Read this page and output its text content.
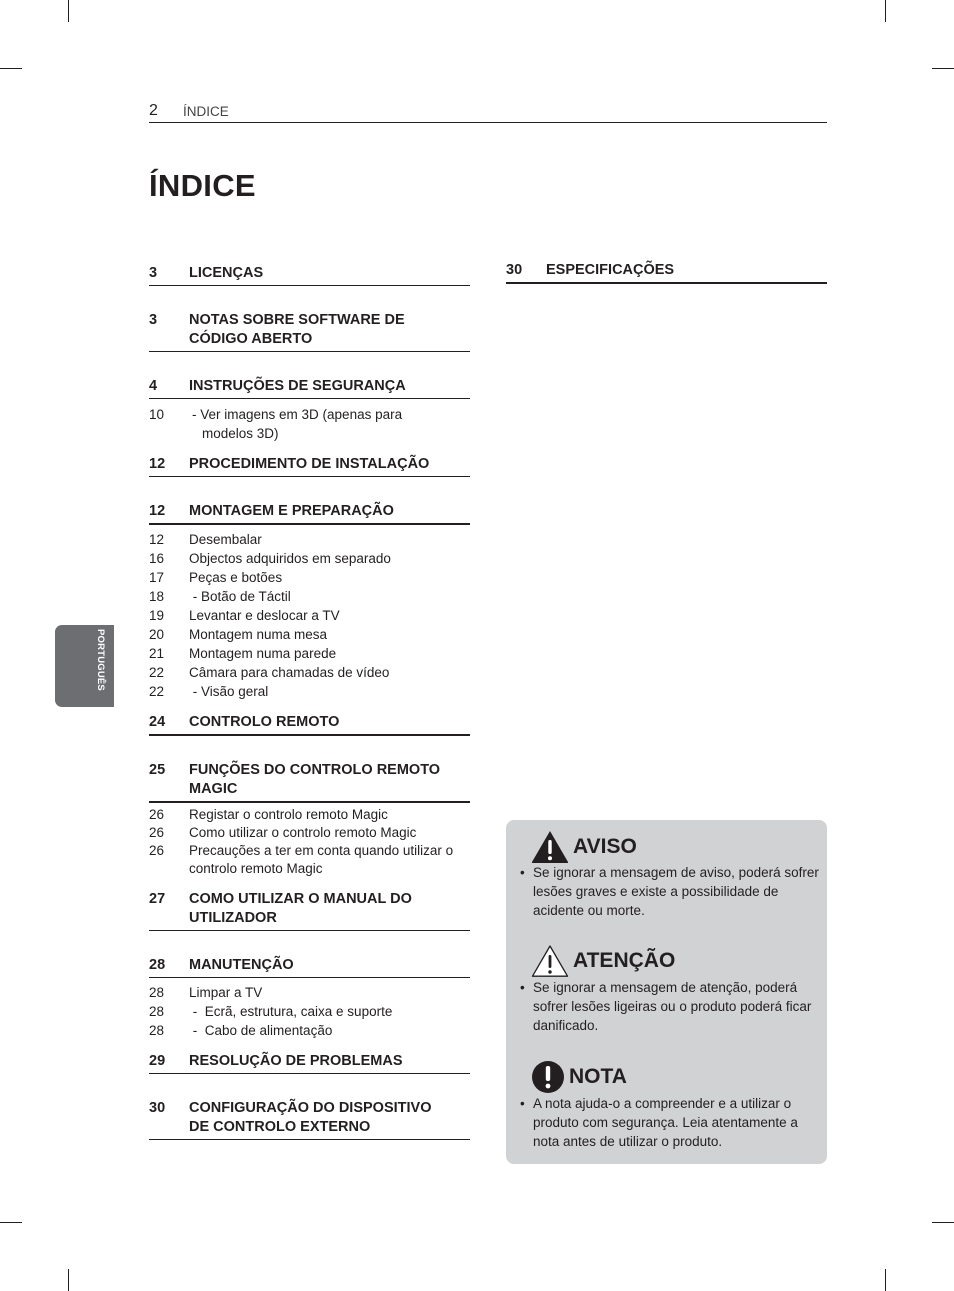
2 ÍNDICE
ÍNDICE
PORTUGUÊS
3	LICENÇAS
3	NOTAS SOBRE SOFTWARE DE
CÓDIGO ABERTO
4	INSTRUÇÕES DE SEGURANÇA
10	- Ver imagens em 3D (apenas para
modelos 3D)
12	PROCEDIMENTO DE INSTALAÇÃO
12	MONTAGEM E PREPARAÇÃO
12	Desembalar
16	Objectos adquiridos em separado
17	Peças e botões
18	- Botão de Táctil
19	Levantar e deslocar a TV
20	Montagem numa mesa
21	Montagem numa parede
22	Câmara para chamadas de vídeo
22	- Visão geral
24	CONTROLO REMOTO
25	FUNÇÕES DO CONTROLO REMOTO
MAGIC
26	Registar o controlo remoto Magic
26	Como utilizar o controlo remoto Magic
26	Precauções a ter em conta quando utilizar o
controlo remoto Magic
27	COMO UTILIZAR O MANUAL DO
UTILIZADOR
28	MANUTENÇÃO
28	Limpar a TV
28	-  Ecrã, estrutura, caixa e suporte
28	-  Cabo de alimentação
29	RESOLUÇÃO DE PROBLEMAS
30	CONFIGURAÇÃO DO DISPOSITIVO
DE CONTROLO EXTERNO
30	ESPECIFICAÇÕES
AVISO
• Se ignorar a mensagem de aviso, poderá sofrer lesões graves e existe a possibilidade de acidente ou morte.
ATENÇÃO
• Se ignorar a mensagem de atenção, poderá sofrer lesões ligeiras ou o produto poderá ficar danificado.
NOTA
• A nota ajuda-o a compreender e a utilizar o produto com segurança. Leia atentamente a nota antes de utilizar o produto.
